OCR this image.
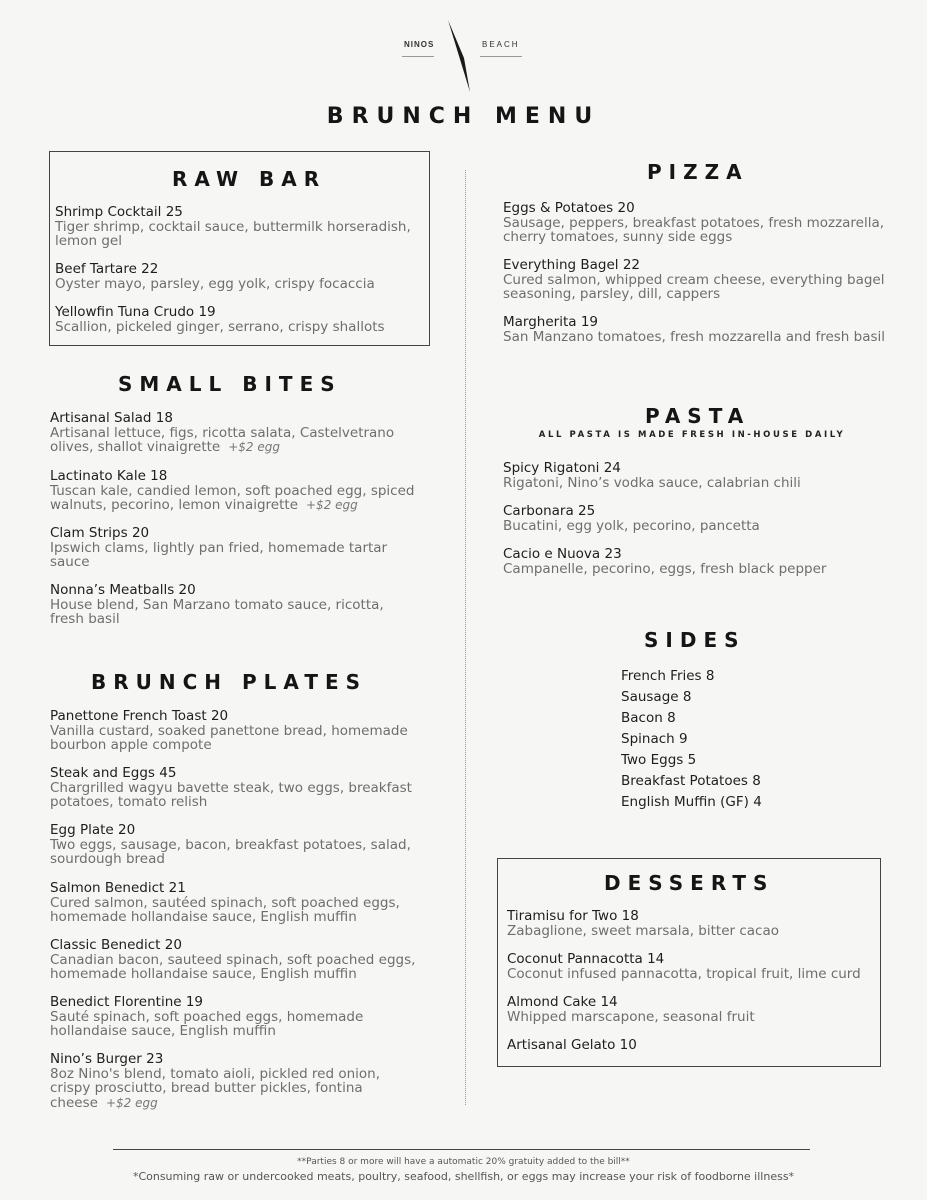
NINOS	BEACH
BRUNCH MENU
RAW BAR
Shrimp Cocktail 25
Tiger shrimp, cocktail sauce, buttermilk horseradish,
lemon gel
Beef Tartare 22
Oyster mayo, parsley, egg yolk, crispy focaccia
Yellowfin Tuna Crudo 19
Scallion, pickeled ginger, serrano, crispy shallots
SMALL BITES
Artisanal Salad 18
Artisanal lettuce, figs, ricotta salata, Castelvetrano
olives, shallot vinaigrette +$2 egg
Lactinato Kale 18
Tuscan kale, candied lemon, soft poached egg, spiced
walnuts, pecorino, lemon vinaigrette +$2 egg
Clam Strips 20
Ipswich clams, lightly pan fried, homemade tartar
sauce
Nonna’s Meatballs 20
House blend, San Marzano tomato sauce, ricotta,
fresh basil
BRUNCH PLATES
Panettone French Toast 20
Vanilla custard, soaked panettone bread, homemade
bourbon apple compote
Steak and Eggs 45
Chargrilled wagyu bavette steak, two eggs, breakfast
potatoes, tomato relish
Egg Plate 20
Two eggs, sausage, bacon, breakfast potatoes, salad,
sourdough bread
Salmon Benedict 21
Cured salmon, sautéed spinach, soft poached eggs,
homemade hollandaise sauce, English muffin
Classic Benedict 20
Canadian bacon, sauteed spinach, soft poached eggs,
homemade hollandaise sauce, English muffin
Benedict Florentine 19
Sauté spinach, soft poached eggs, homemade
hollandaise sauce, English muffin
Nino’s Burger 23
8oz Nino's blend, tomato aioli, pickled red onion,
crispy prosciutto, bread butter pickles, fontina
cheese +$2 egg
PIZZA
Eggs & Potatoes 20
Sausage, peppers, breakfast potatoes, fresh mozzarella,
cherry tomatoes, sunny side eggs
Everything Bagel 22
Cured salmon, whipped cream cheese, everything bagel
seasoning, parsley, dill, cappers
Margherita 19
San Manzano tomatoes, fresh mozzarella and fresh basil
PASTA
ALL PASTA IS MADE FRESH IN-HOUSE DAILY
Spicy Rigatoni 24
Rigatoni, Nino’s vodka sauce, calabrian chili
Carbonara 25
Bucatini, egg yolk, pecorino, pancetta
Cacio e Nuova 23
Campanelle, pecorino, eggs, fresh black pepper
SIDES
French Fries 8
Sausage 8
Bacon 8
Spinach 9
Two Eggs 5
Breakfast Potatoes 8
English Muffin (GF) 4
DESSERTS
Tiramisu for Two 18
Zabaglione, sweet marsala, bitter cacao
Coconut Pannacotta 14
Coconut infused pannacotta, tropical fruit, lime curd
Almond Cake 14
Whipped marscapone, seasonal fruit
Artisanal Gelato 10
**Parties 8 or more will have a automatic 20% gratuity added to the bill**
*Consuming raw or undercooked meats, poultry, seafood, shellfish, or eggs may increase your risk of foodborne illness*
